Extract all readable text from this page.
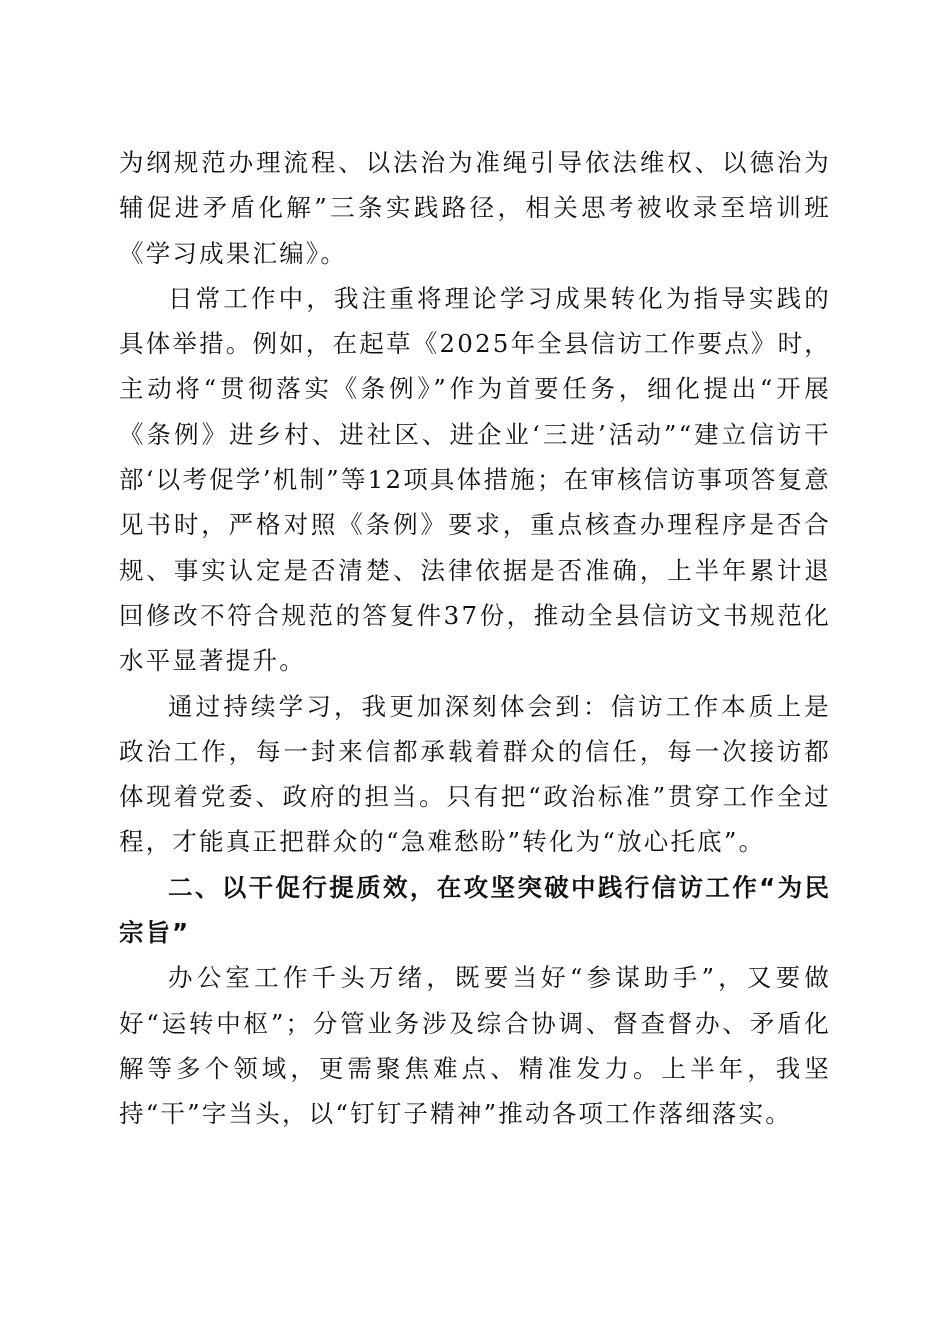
为纲规范办理流程、以法治为准绳引导依法维权、以德治为辅促进矛盾化解”三条实践路径，相关思考被收录至培训班《学习成果汇编》。

日常工作中，我注重将理论学习成果转化为指导实践的具体举措。例如，在起草《2025年全县信访工作要点》时，主动将“贯彻落实《条例》”作为首要任务，细化提出“开展《条例》进乡村、进社区、进企业‘三进’活动”“建立信访干部‘以考促学’机制”等12项具体措施；在审核信访事项答复意见书时，严格对照《条例》要求，重点核查办理程序是否合规、事实认定是否清楚、法律依据是否准确，上半年累计退回修改不符合规范的答复件37份，推动全县信访文书规范化水平显著提升。

通过持续学习，我更加深刻体会到：信访工作本质上是政治工作，每一封来信都承载着群众的信任，每一次接访都体现着党委、政府的担当。只有把“政治标准”贯穿工作全过程，才能真正把群众的“急难愁盼”转化为“放心托底”。

二、以干促行提质效，在攻坚突破中践行信访工作“为民宗旨”

办公室工作千头万绪，既要当好“参谋助手”，又要做好“运转中枢”；分管业务涉及综合协调、督查督办、矛盾化解等多个领域，更需聚焦难点、精准发力。上半年，我坚持“干”字当头，以“钉钉子精神”推动各项工作落细落实。
